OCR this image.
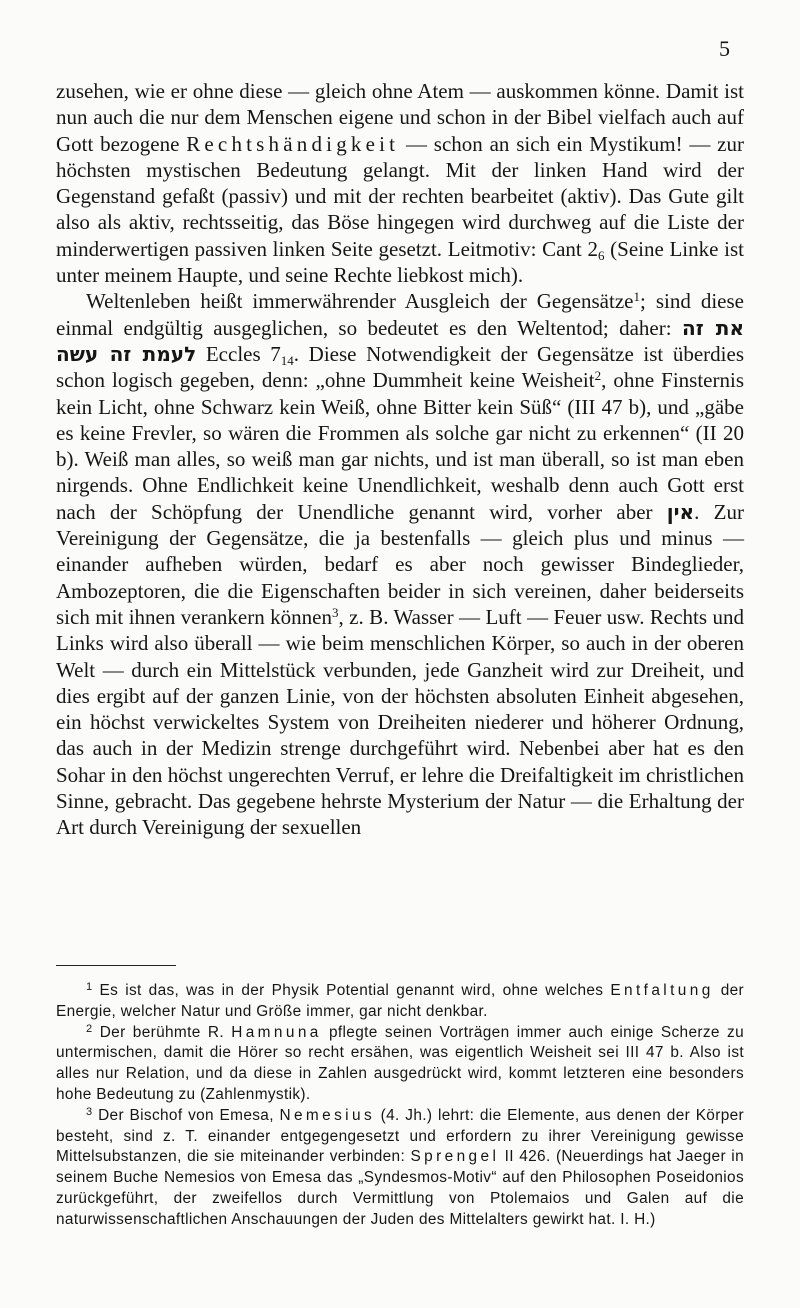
5

zusehen, wie er ohne diese — gleich ohne Atem — auskommen könne. Damit ist nun auch die nur dem Menschen eigene und schon in der Bibel vielfach auch auf Gott bezogene Rechtshändigkeit — schon an sich ein Mystikum! — zur höchsten mystischen Bedeutung gelangt. Mit der linken Hand wird der Gegenstand gefaßt (passiv) und mit der rechten bearbeitet (aktiv). Das Gute gilt also als aktiv, rechtsseitig, das Böse hingegen wird durchweg auf die Liste der minderwertigen passiven linken Seite gesetzt. Leitmotiv: Cant $2_6$ (Seine Linke ist unter meinem Haupte, und seine Rechte liebkost mich).

Weltenleben heißt immerwährender Ausgleich der Gegensätze$^1$; sind diese einmal endgültig ausgeglichen, so bedeutet es den Weltentod; daher: את זה לעמת זה עשה Eccles $7_{14}$. Diese Notwendigkeit der Gegensätze ist überdies schon logisch gegeben, denn: „ohne Dummheit keine Weisheit$^2$, ohne Finsternis kein Licht, ohne Schwarz kein Weiß, ohne Bitter kein Süß“ (III 47 b), und „gäbe es keine Frevler, so wären die Frommen als solche gar nicht zu erkennen“ (II 20 b). Weiß man alles, so weiß man gar nichts, und ist man überall, so ist man eben nirgends. Ohne Endlichkeit keine Unendlichkeit, weshalb denn auch Gott erst nach der Schöpfung der Unendliche genannt wird, vorher aber אין. Zur Vereinigung der Gegensätze, die ja bestenfalls — gleich plus und minus — einander aufheben würden, bedarf es aber noch gewisser Bindeglieder, Ambozeptoren, die die Eigenschaften beider in sich vereinen, daher beiderseits sich mit ihnen verankern können$^3$, z. B. Wasser — Luft — Feuer usw. Rechts und Links wird also überall — wie beim menschlichen Körper, so auch in der oberen Welt — durch ein Mittelstück verbunden, jede Ganzheit wird zur Dreiheit, und dies ergibt auf der ganzen Linie, von der höchsten absoluten Einheit abgesehen, ein höchst verwickeltes System von Dreiheiten niederer und höherer Ordnung, das auch in der Medizin strenge durchgeführt wird. Nebenbei aber hat es den Sohar in den höchst ungerechten Verruf, er lehre die Dreifaltigkeit im christlichen Sinne, gebracht. Das gegebene hehrste Mysterium der Natur — die Erhaltung der Art durch Vereinigung der sexuellen

$^1$ Es ist das, was in der Physik Potential genannt wird, ohne welches Entfaltung der Energie, welcher Natur und Größe immer, gar nicht denkbar.

$^2$ Der berühmte R. Hamnuna pflegte seinen Vorträgen immer auch einige Scherze zu untermischen, damit die Hörer so recht ersähen, was eigentlich Weisheit sei III 47 b. Also ist alles nur Relation, und da diese in Zahlen ausgedrückt wird, kommt letzteren eine besonders hohe Bedeutung zu (Zahlenmystik).

$^3$ Der Bischof von Emesa, Nemesius (4. Jh.) lehrt: die Elemente, aus denen der Körper besteht, sind z. T. einander entgegengesetzt und erfordern zu ihrer Vereinigung gewisse Mittelsubstanzen, die sie miteinander verbinden: Sprengel II 426. (Neuerdings hat Jaeger in seinem Buche Nemesios von Emesa das „Syndesmos-Motiv“ auf den Philosophen Poseidonios zurückgeführt, der zweifellos durch Vermittlung von Ptolemaios und Galen auf die naturwissenschaftlichen Anschauungen der Juden des Mittelalters gewirkt hat. I. H.)
